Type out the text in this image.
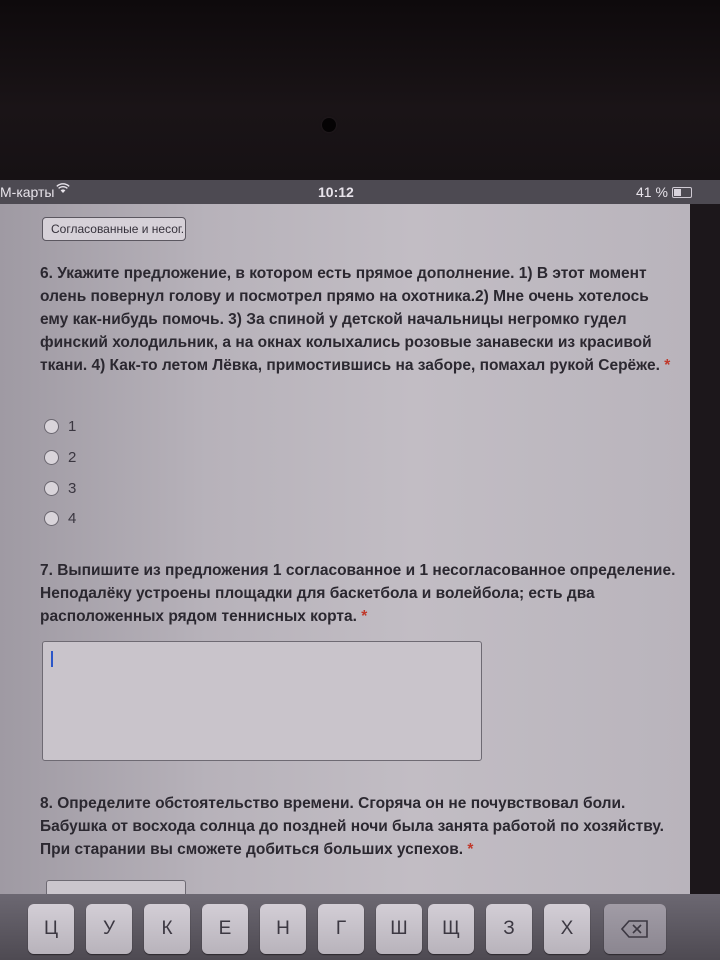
М-карты	10:12	41 %
Согласованные и несог.
6. Укажите предложение, в котором есть прямое дополнение. 1) В этот момент олень повернул голову и посмотрел прямо на охотника.2) Мне очень хотелось ему как-нибудь помочь. 3) За спиной у детской начальницы негромко гудел финский холодильник, а на окнах колыхались розовые занавески из красивой ткани. 4) Как-то летом Лёвка, примостившись на заборе, помахал рукой Серёже. *
1
2
3
4
7. Выпишите из предложения 1 согласованное и 1 несогласованное определение. Неподалёку устроены площадки для баскетбола и волейбола; есть два расположенных рядом теннисных корта. *
8. Определите обстоятельство времени. Сгоряча он не почувствовал боли. Бабушка от восхода солнца до поздней ночи была занята работой по хозяйству. При старании вы сможете добиться больших успехов. *
Ц	У	К	Е	Н	Г	Ш	Щ	З	Х
